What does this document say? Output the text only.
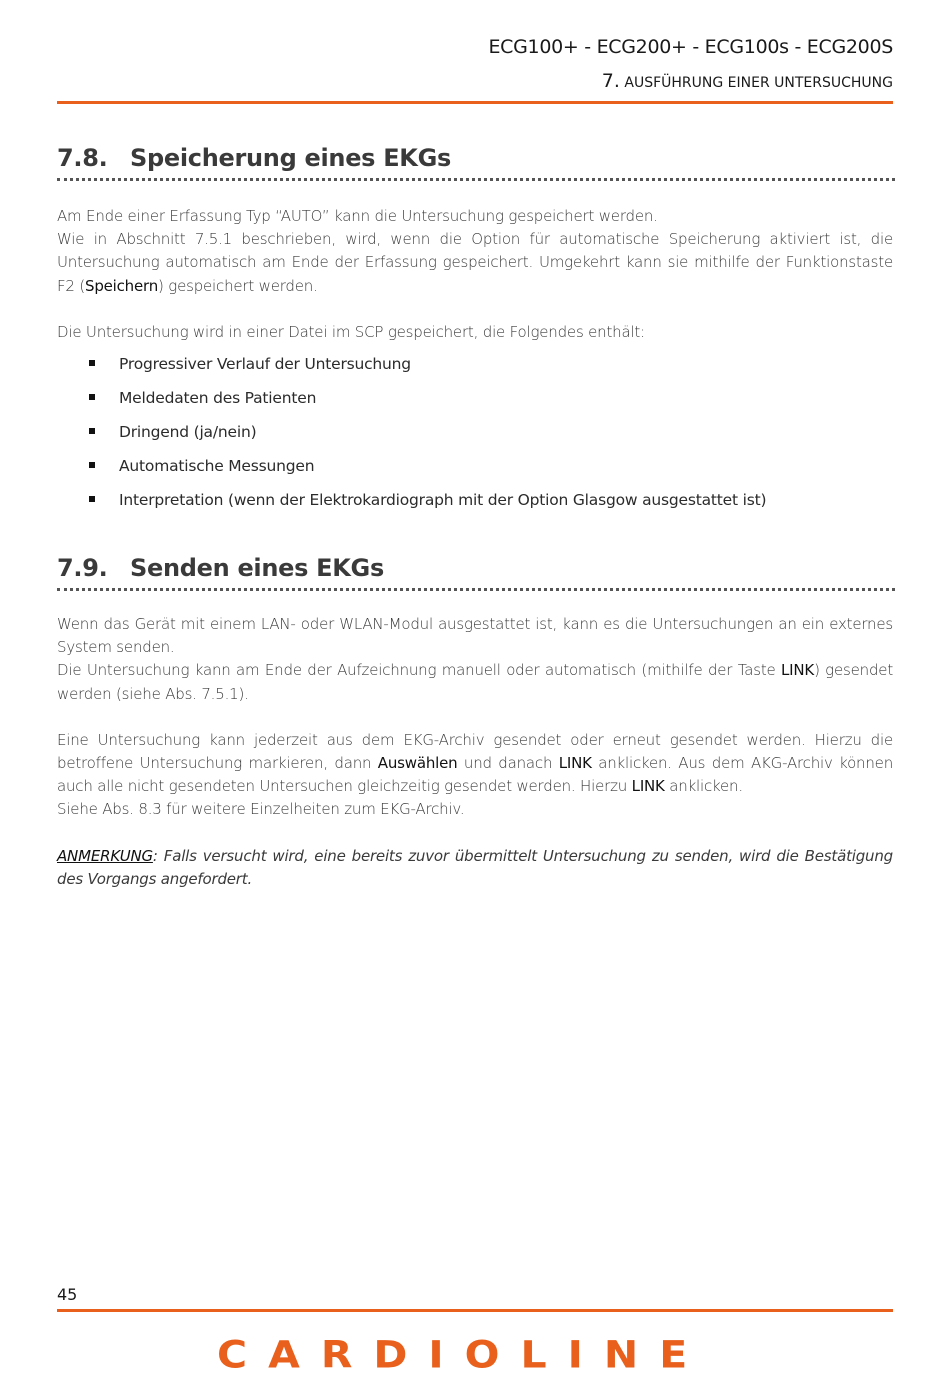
ECG100+ - ECG200+ - ECG100s - ECG200S
7. AUSFÜHRUNG EINER UNTERSUCHUNG
7.8. Speicherung eines EKGs

Am Ende einer Erfassung Typ “AUTO” kann die Untersuchung gespeichert werden.

Wie in Abschnitt 7.5.1 beschrieben, wird, wenn die Option für automatische Speicherung aktiviert ist, die Untersuchung automatisch am Ende der Erfassung gespeichert. Umgekehrt kann sie mithilfe der Funktionstaste F2 (Speichern) gespeichert werden.

Die Untersuchung wird in einer Datei im SCP gespeichert, die Folgendes enthält:

Progressiver Verlauf der Untersuchung
Meldedaten des Patienten
Dringend (ja/nein)
Automatische Messungen
Interpretation (wenn der Elektrokardiograph mit der Option Glasgow ausgestattet ist)
7.9. Senden eines EKGs

Wenn das Gerät mit einem LAN- oder WLAN-Modul ausgestattet ist, kann es die Untersuchungen an ein externes System senden.

Die Untersuchung kann am Ende der Aufzeichnung manuell oder automatisch (mithilfe der Taste LINK) gesendet werden (siehe Abs. 7.5.1).

Eine Untersuchung kann jederzeit aus dem EKG-Archiv gesendet oder erneut gesendet werden. Hierzu die betroffene Untersuchung markieren, dann Auswählen und danach LINK anklicken. Aus dem AKG-Archiv können auch alle nicht gesendeten Untersuchen gleichzeitig gesendet werden. Hierzu LINK anklicken.

Siehe Abs. 8.3 für weitere Einzelheiten zum EKG-Archiv.

ANMERKUNG: Falls versucht wird, eine bereits zuvor übermittelt Untersuchung zu senden, wird die Bestätigung des Vorgangs angefordert.

45
CARDIOLINE
